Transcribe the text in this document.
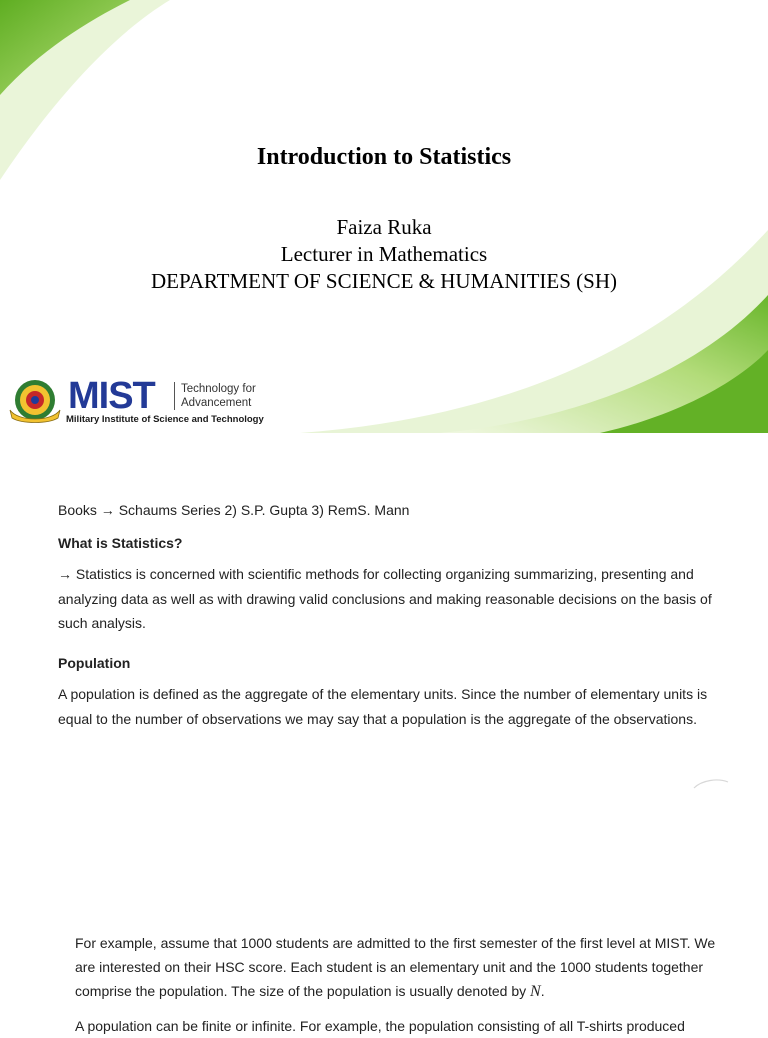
Introduction to Statistics
Faiza Ruka
Lecturer in Mathematics
DEPARTMENT OF SCIENCE & HUMANITIES (SH)
MIST Technology for
Advancement
Military Institute of Science and Technology

Books → Schaums Series 2) S.P. Gupta 3) RemS. Mann

What is Statistics?

→ Statistics is concerned with scientific methods for collecting organizing summarizing, presenting and analyzing data as well as with drawing valid conclusions and making reasonable decisions on the basis of such analysis.

Population

A population is defined as the aggregate of the elementary units. Since the number of elementary units is equal to the number of observations we may say that a population is the aggregate of the observations.

For example, assume that 1000 students are admitted to the first semester of the first level at MIST. We are interested on their HSC score. Each student is an elementary unit and the 1000 students together comprise the population. The size of the population is usually denoted by N.

A population can be finite or infinite. For example, the population consisting of all T-shirts produced
